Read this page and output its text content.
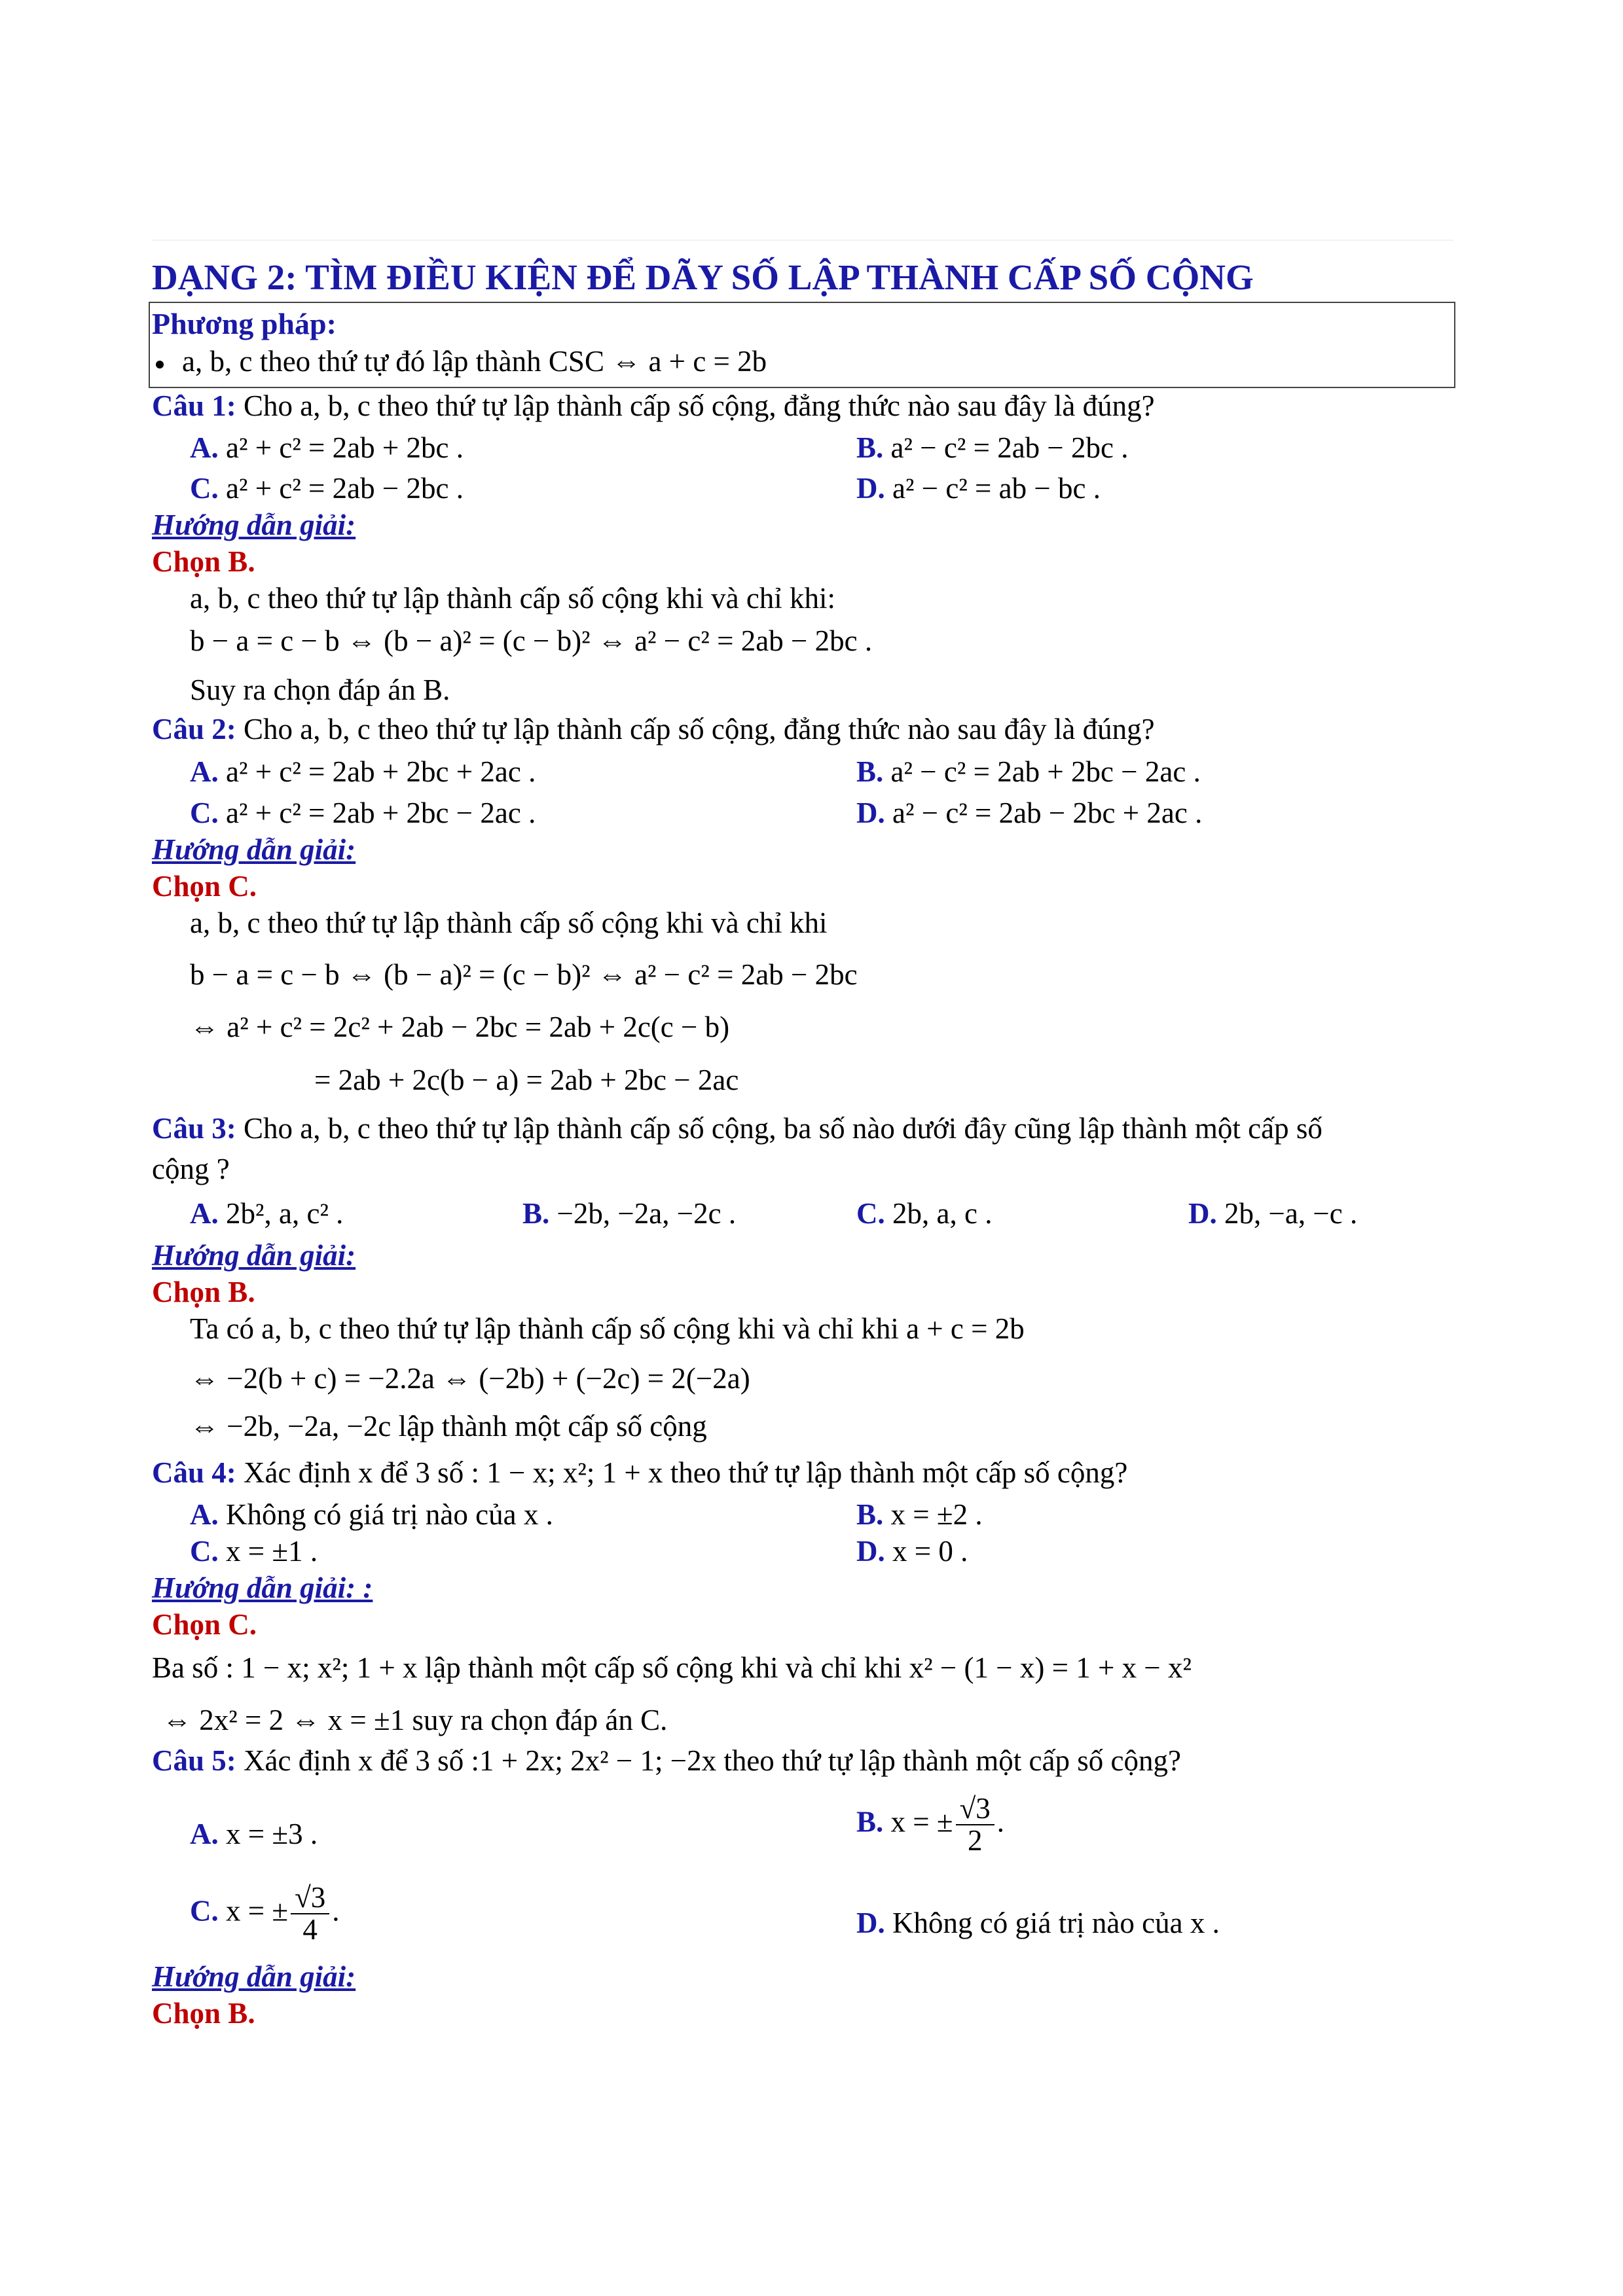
DẠNG 2: TÌM ĐIỀU KIỆN ĐỂ DÃY SỐ LẬP THÀNH CẤP SỐ CỘNG
Phương pháp:
a, b, c theo thứ tự đó lập thành CSC ⇔ a + c = 2b
Câu 1: Cho a, b, c theo thứ tự lập thành cấp số cộng, đẳng thức nào sau đây là đúng?
A. a² + c² = 2ab + 2bc .	B. a² − c² = 2ab − 2bc .
C. a² + c² = 2ab − 2bc .	D. a² − c² = ab − bc .
Hướng dẫn giải:
Chọn B.
a, b, c theo thứ tự lập thành cấp số cộng khi và chỉ khi:
b − a = c − b ⇔ (b − a)² = (c − b)² ⇔ a² − c² = 2ab − 2bc .
Suy ra chọn đáp án B.
Câu 2: Cho a, b, c theo thứ tự lập thành cấp số cộng, đẳng thức nào sau đây là đúng?
A. a² + c² = 2ab + 2bc + 2ac .	B. a² − c² = 2ab + 2bc − 2ac .
C. a² + c² = 2ab + 2bc − 2ac .	D. a² − c² = 2ab − 2bc + 2ac .
Hướng dẫn giải:
Chọn C.
a, b, c theo thứ tự lập thành cấp số cộng khi và chỉ khi
b − a = c − b ⇔ (b − a)² = (c − b)² ⇔ a² − c² = 2ab − 2bc
⇔ a² + c² = 2c² + 2ab − 2bc = 2ab + 2c(c − b)
= 2ab + 2c(b − a) = 2ab + 2bc − 2ac
Câu 3: Cho a, b, c theo thứ tự lập thành cấp số cộng, ba số nào dưới đây cũng lập thành một cấp số
cộng ?
A. 2b², a, c² .	B. −2b, −2a, −2c .	C. 2b, a, c .	D. 2b, −a, −c .
Hướng dẫn giải:
Chọn B.
Ta có a, b, c theo thứ tự lập thành cấp số cộng khi và chỉ khi a + c = 2b
⇔ −2(b + c) = −2.2a ⇔ (−2b) + (−2c) = 2(−2a)
⇔ −2b, −2a, −2c lập thành một cấp số cộng
Câu 4: Xác định x để 3 số : 1 − x; x²; 1 + x theo thứ tự lập thành một cấp số cộng?
A. Không có giá trị nào của x .	B. x = ±2 .
C. x = ±1 .	D. x = 0 .
Hướng dẫn giải: :
Chọn C.
Ba số : 1 − x; x²; 1 + x lập thành một cấp số cộng khi và chỉ khi x² − (1 − x) = 1 + x − x²
⇔ 2x² = 2 ⇔ x = ±1 suy ra chọn đáp án C.
Câu 5: Xác định x để 3 số :1 + 2x; 2x² − 1; −2x theo thứ tự lập thành một cấp số cộng?
A. x = ±3 .	B. x = ± $\frac{√3}{2}$ .
C. x = ± $\frac{√3}{4}$ .	D. Không có giá trị nào của x .
Hướng dẫn giải:
Chọn B.
